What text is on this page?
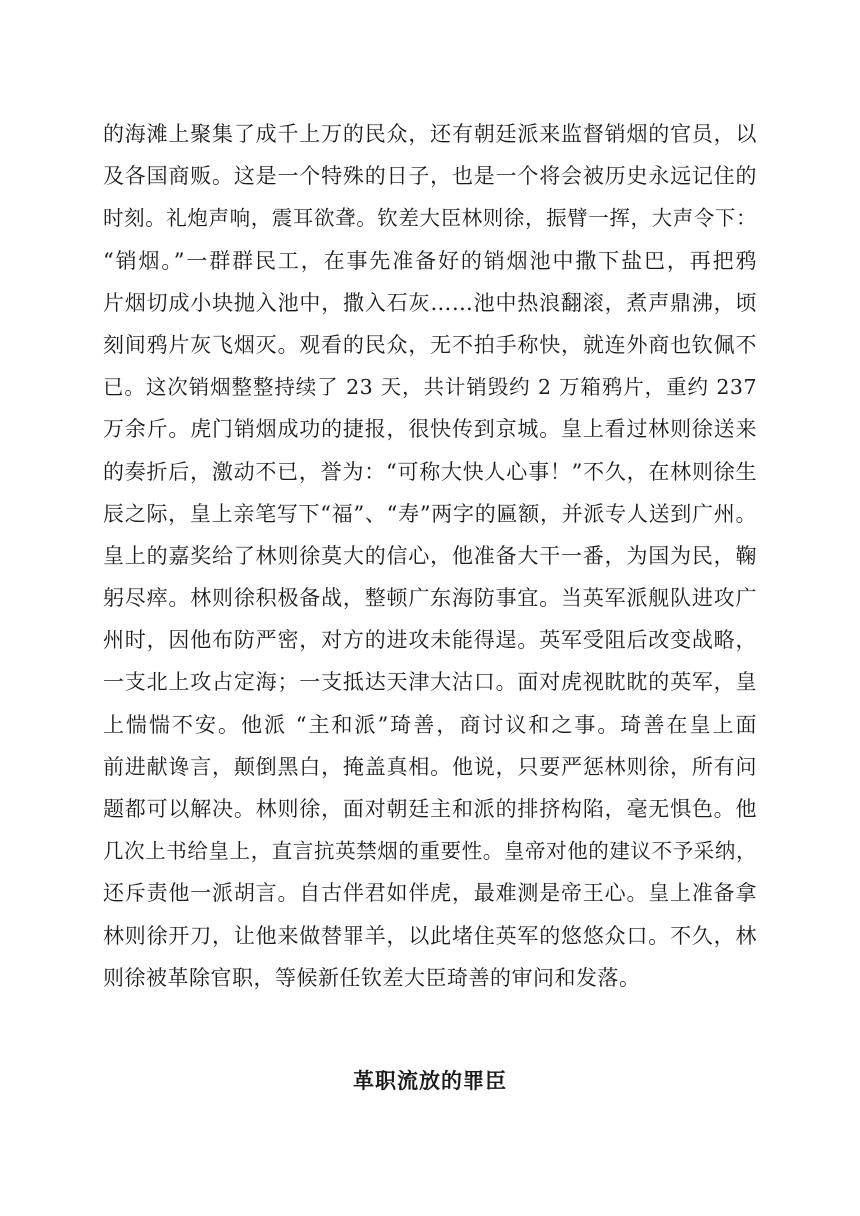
的海滩上聚集了成千上万的民众，还有朝廷派来监督销烟的官员，以
及各国商贩。这是一个特殊的日子，也是一个将会被历史永远记住的
时刻。礼炮声响，震耳欲聋。钦差大臣林则徐，振臂一挥，大声令下：
“销烟。”一群群民工，在事先准备好的销烟池中撒下盐巴，再把鸦
片烟切成小块抛入池中，撒入石灰……池中热浪翻滚，煮声鼎沸，顷
刻间鸦片灰飞烟灭。观看的民众，无不拍手称快，就连外商也钦佩不
已。这次销烟整整持续了 23 天，共计销毁约 2 万箱鸦片，重约 237
万余斤。虎门销烟成功的捷报，很快传到京城。皇上看过林则徐送来
的奏折后，激动不已，誉为：“可称大快人心事！”不久，在林则徐生
辰之际，皇上亲笔写下“福”、“寿”两字的匾额，并派专人送到广州。
皇上的嘉奖给了林则徐莫大的信心，他准备大干一番，为国为民，鞠
躬尽瘁。林则徐积极备战，整顿广东海防事宜。当英军派舰队进攻广
州时，因他布防严密，对方的进攻未能得逞。英军受阻后改变战略，
一支北上攻占定海；一支抵达天津大沽口。面对虎视眈眈的英军，皇
上惴惴不安。他派 “主和派”琦善，商讨议和之事。琦善在皇上面
前进献谗言，颠倒黑白，掩盖真相。他说，只要严惩林则徐，所有问
题都可以解决。林则徐，面对朝廷主和派的排挤构陷，毫无惧色。他
几次上书给皇上，直言抗英禁烟的重要性。皇帝对他的建议不予采纳，
还斥责他一派胡言。自古伴君如伴虎，最难测是帝王心。皇上准备拿
林则徐开刀，让他来做替罪羊，以此堵住英军的悠悠众口。不久，林
则徐被革除官职，等候新任钦差大臣琦善的审问和发落。
革职流放的罪臣
